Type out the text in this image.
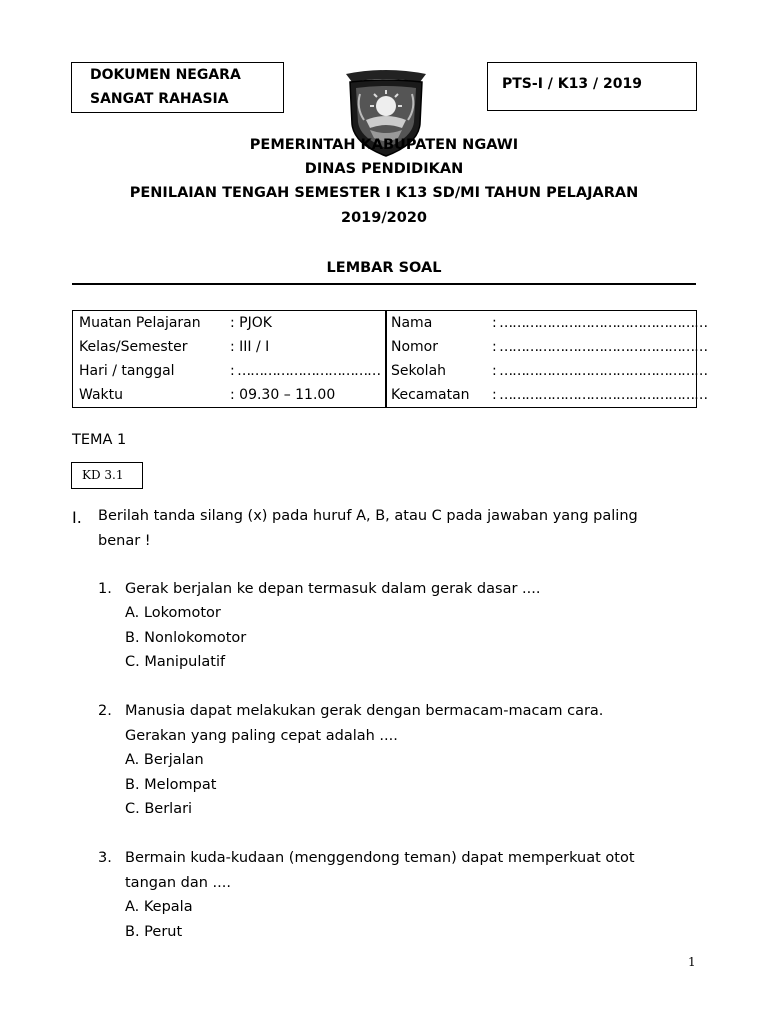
DOKUMEN NEGARA
SANGAT RAHASIA
PTS-I / K13 / 2019
PEMERINTAH KABUPATEN NGAWI
DINAS PENDIDIKAN
PENILAIAN TENGAH SEMESTER I K13 SD/MI TAHUN PELAJARAN
2019/2020
LEMBAR SOAL
Muatan Pelajaran : PJOK
Kelas/Semester	: III / I
Hari / tanggal	: ……………………………
Waktu	: 09.30 – 11.00
Nama	: …………………………………………
Nomor	: …………………………………………
Sekolah	: …………………………………………
Kecamatan : …………………………………………
TEMA 1
KD 3.1
I. Berilah tanda silang (x) pada huruf A, B, atau C pada jawaban yang paling
benar !
1. Gerak berjalan ke depan termasuk dalam gerak dasar ....
A. Lokomotor
B. Nonlokomotor
C. Manipulatif
2. Manusia dapat melakukan gerak dengan bermacam-macam cara.
Gerakan yang paling cepat adalah ....
A. Berjalan
B. Melompat
C. Berlari
3. Bermain kuda-kudaan (menggendong teman) dapat memperkuat otot
tangan dan ....
A. Kepala
B. Perut
1
